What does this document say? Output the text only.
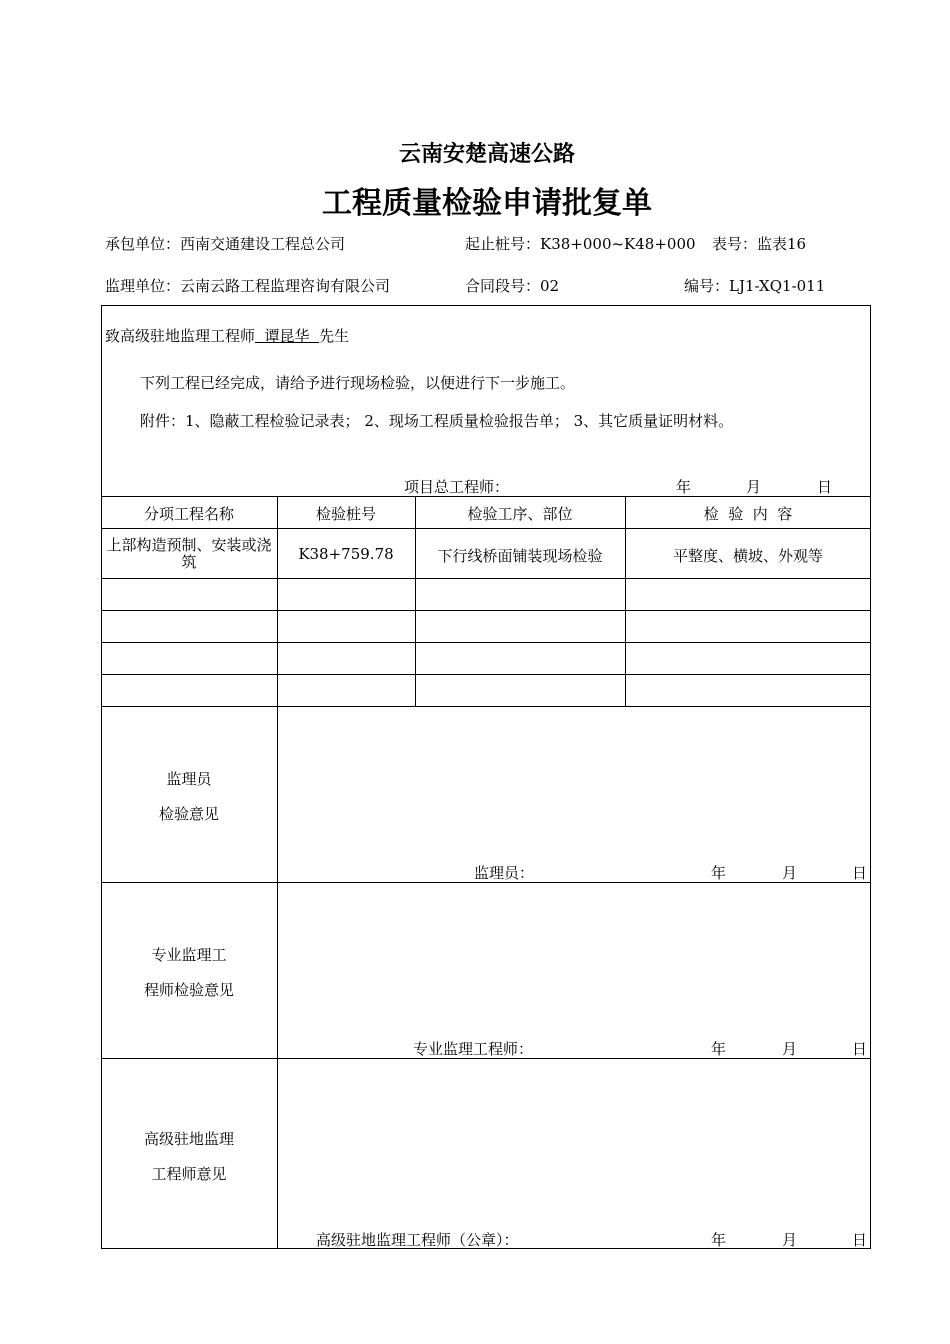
云南安楚高速公路
工程质量检验申请批复单
承包单位：西南交通建设工程总公司	起止桩号：K38+000~K48+000 表号：监表16
监理单位：云南云路工程监理咨询有限公司	合同段号：02	编号：LJ1-XQ1-011
致高级驻地监理工程师  谭昆华  先生
下列工程已经完成，请给予进行现场检验，以便进行下一步施工。
附件：1、隐蔽工程检验记录表； 2、现场工程质量检验报告单； 3、其它质量证明材料。
项目总工程师：	年	月	日
分项工程名称	检验桩号	检验工序、部位	检  验  内  容
上部构造预制、安装或浇筑	K38+759.78	下行线桥面铺装现场检验	平整度、横坡、外观等
监理员
检验意见
监理员：	年	月	日
专业监理工
程师检验意见
专业监理工程师：	年	月	日
高级驻地监理
工程师意见
高级驻地监理工程师（公章）：	年	月	日
